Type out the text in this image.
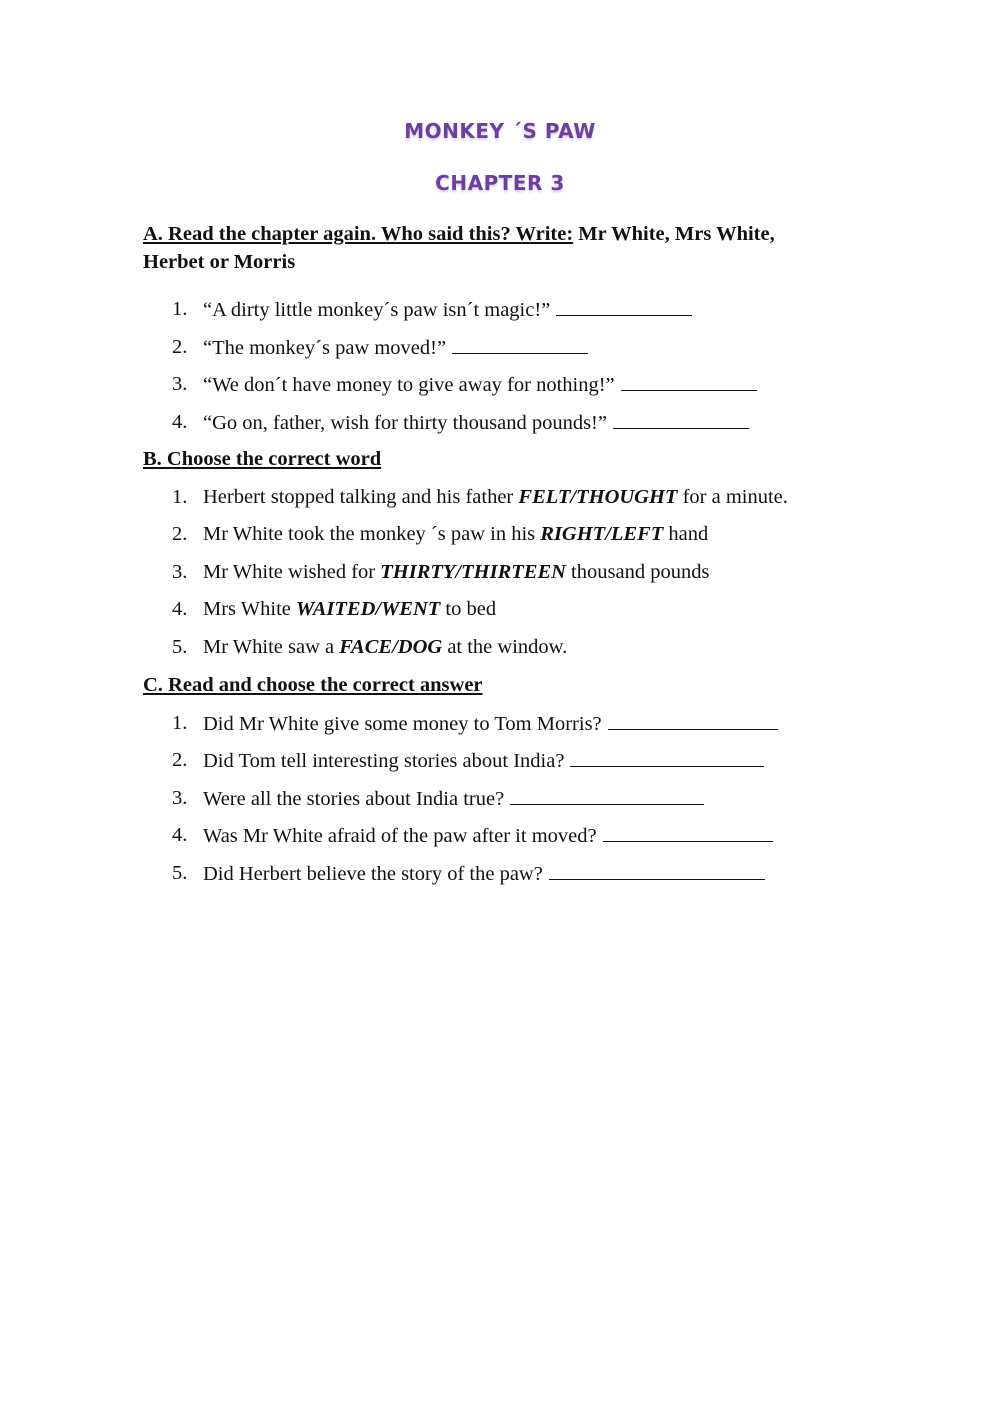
MONKEY ´S PAW
CHAPTER 3
A. Read the chapter again. Who said this? Write: Mr White, Mrs White,
Herbet or Morris
1. “A dirty little monkey´s paw isn´t magic!”
2. “The monkey´s paw moved!”
3. “We don´t have money to give away for nothing!”
4. “Go on, father, wish for thirty thousand pounds!”
B. Choose the correct word
1. Herbert stopped talking and his father FELT/THOUGHT for a minute.
2. Mr White took the monkey ´s paw in his RIGHT/LEFT hand
3. Mr White wished for THIRTY/THIRTEEN thousand pounds
4. Mrs White WAITED/WENT to bed
5. Mr White saw a FACE/DOG at the window.
C. Read and choose the correct answer
1. Did Mr White give some money to Tom Morris?
2. Did Tom tell interesting stories about India?
3. Were all the stories about India true?
4. Was Mr White afraid of the paw after it moved?
5. Did Herbert believe the story of the paw?
